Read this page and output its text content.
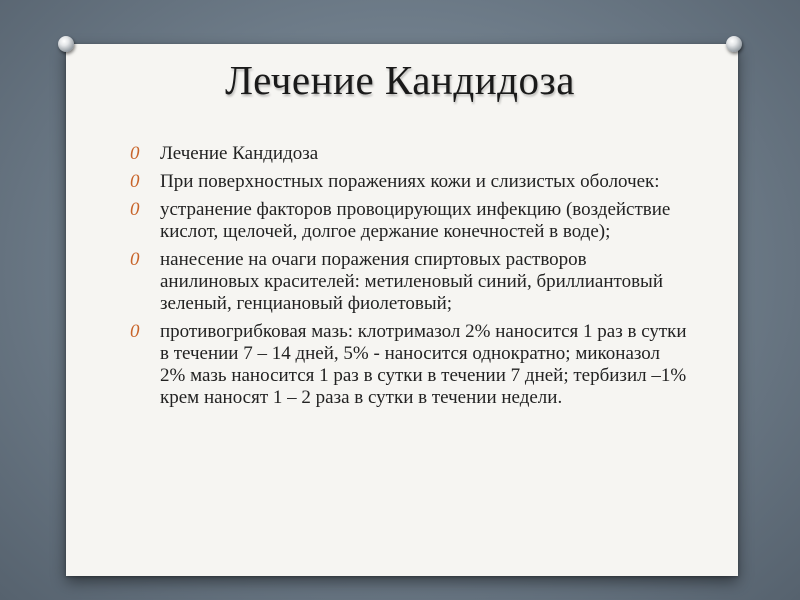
Лечение Кандидоза
0 Лечение Кандидоза
0 При поверхностных поражениях кожи и слизистых оболочек:
0 устранение факторов провоцирующих инфекцию (воздействие кислот, щелочей, долгое держание конечностей в воде);
0 нанесение на очаги поражения спиртовых растворов анилиновых красителей: метиленовый синий, бриллиантовый зеленый, генциановый фиолетовый;
0 противогрибковая мазь: клотримазол 2% наносится 1 раз в сутки в течении 7 – 14 дней, 5% - наносится однократно; миконазол 2% мазь наносится 1 раз в сутки в течении 7 дней; тербизил –1% крем наносят 1 – 2 раза в сутки в течении недели.
